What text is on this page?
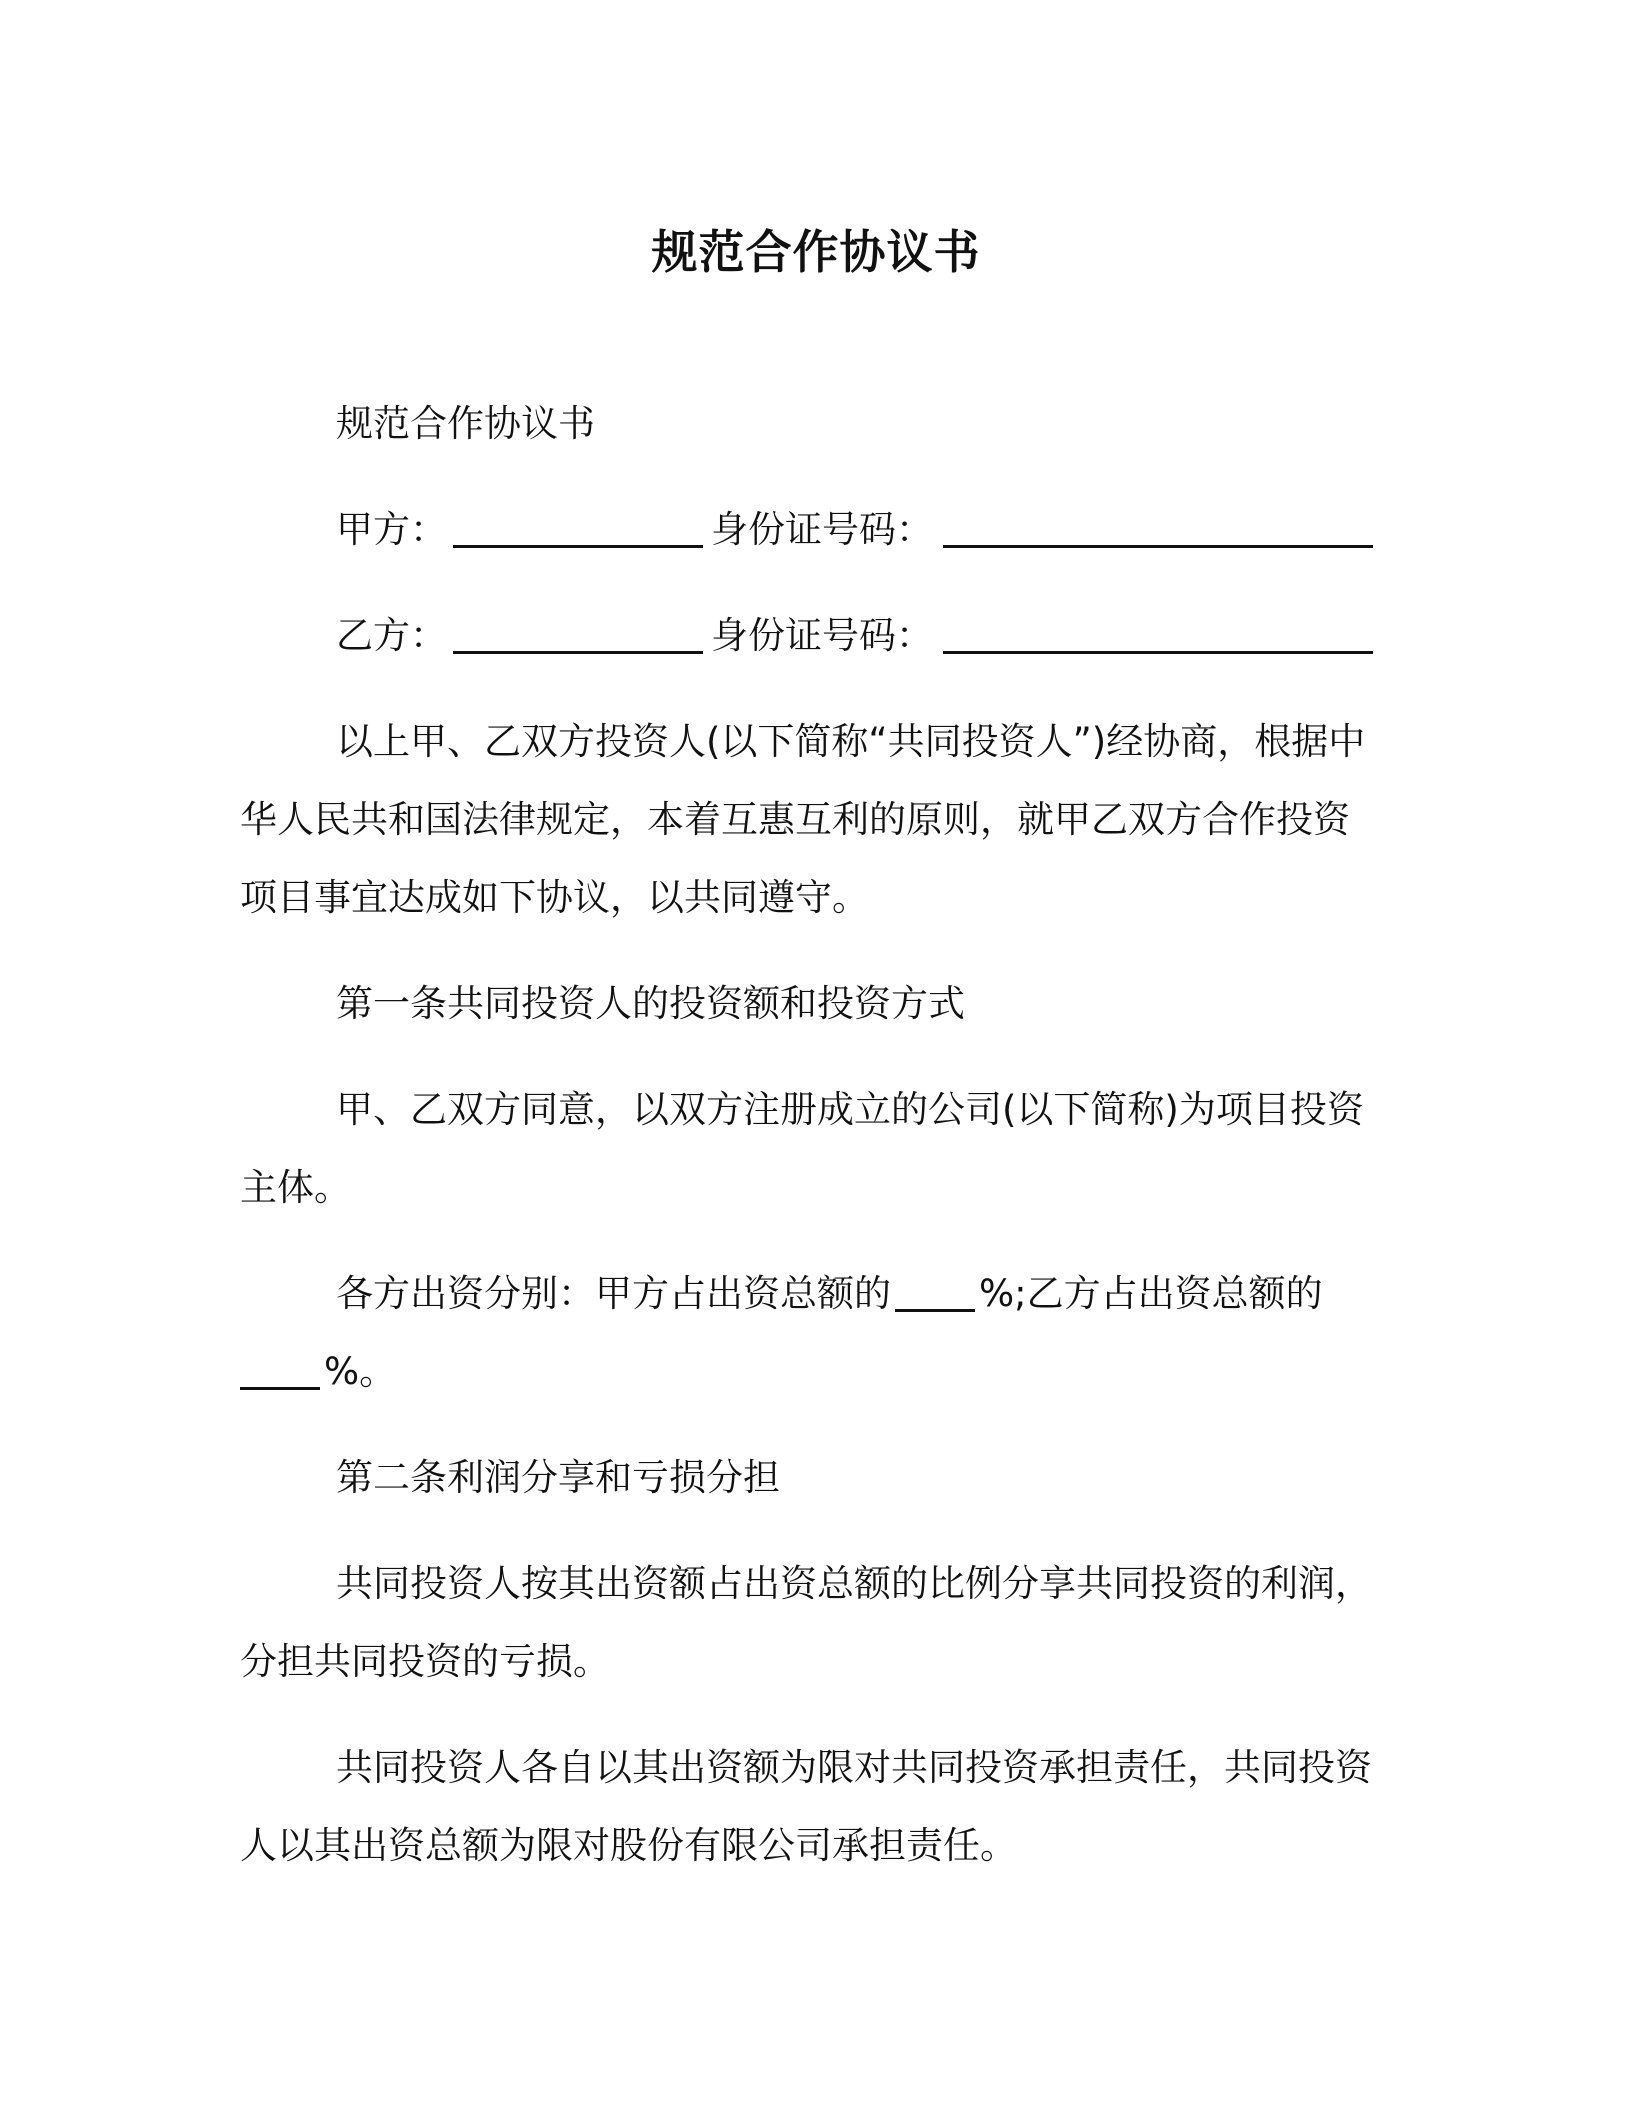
规范合作协议书

规范合作协议书

甲方：	身份证号码：

乙方：	身份证号码：

以上甲、乙双方投资人(以下简称“共同投资人”)经协商，根据中华人民共和国法律规定，本着互惠互利的原则，就甲乙双方合作投资项目事宜达成如下协议，以共同遵守。

第一条共同投资人的投资额和投资方式

甲、乙双方同意，以双方注册成立的公司(以下简称)为项目投资主体。

各方出资分别：甲方占出资总额的 %;乙方占出资总额的%。

第二条利润分享和亏损分担

共同投资人按其出资额占出资总额的比例分享共同投资的利润，分担共同投资的亏损。

共同投资人各自以其出资额为限对共同投资承担责任，共同投资人以其出资总额为限对股份有限公司承担责任。
